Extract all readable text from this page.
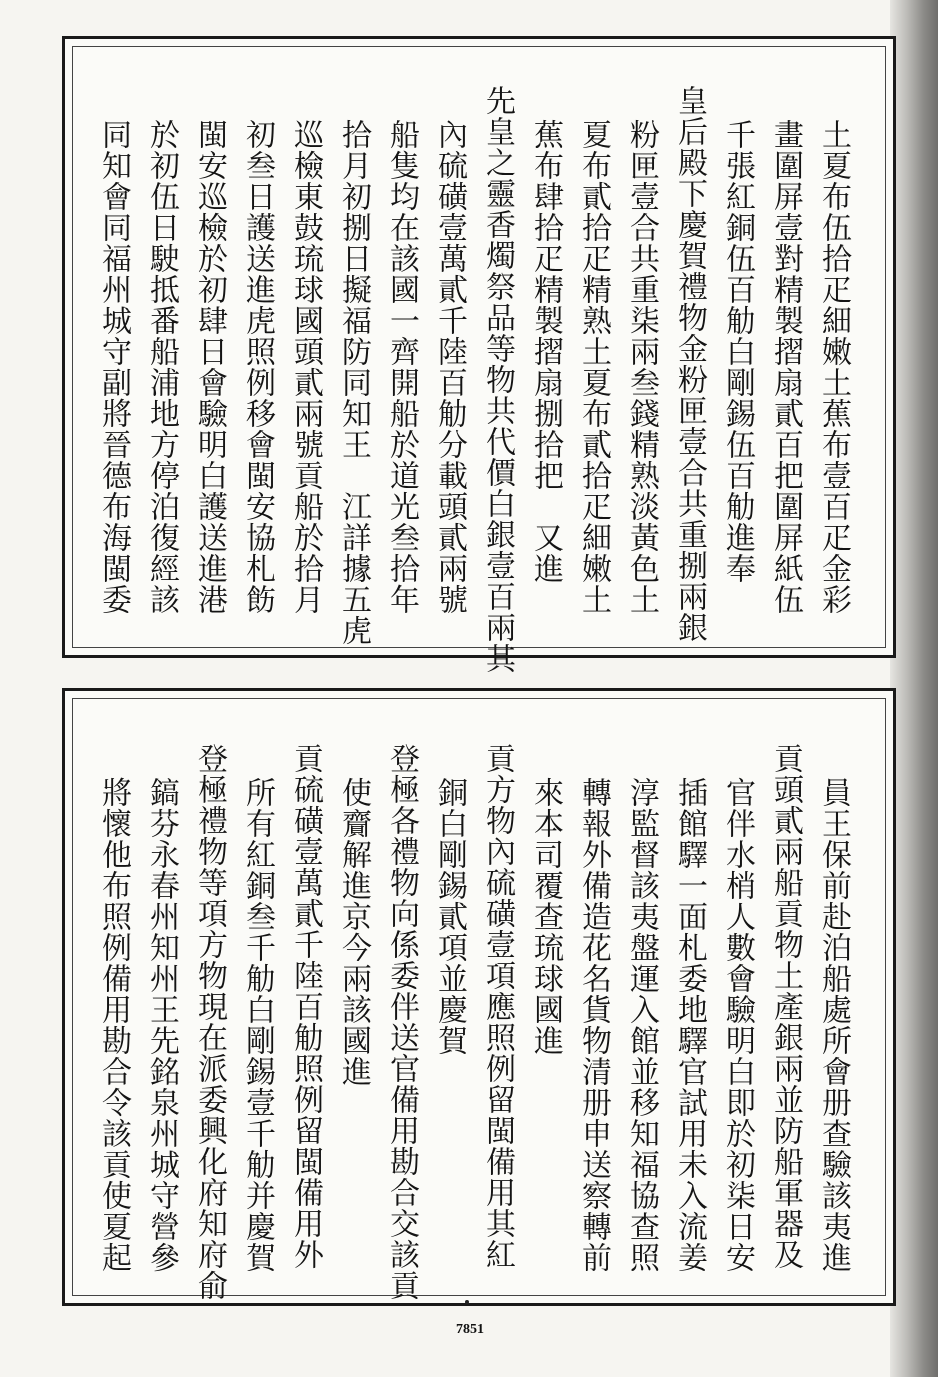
土夏布伍拾疋細嫩土蕉布壹百疋金彩
畫圍屏壹對精製摺扇貳百把圍屏紙伍
千張紅銅伍百觔白剛錫伍百觔進奉
皇后殿下慶賀禮物金粉匣壹合共重捌兩銀
粉匣壹合共重柒兩叁錢精熟淡黃色土
夏布貳拾疋精熟土夏布貳拾疋細嫩土
蕉布肆拾疋精製摺扇捌拾把　又進
先皇之靈香燭祭品等物共代價白銀壹百兩其
內硫磺壹萬貳千陸百觔分載頭貳兩號
船隻均在該國一齊開船於道光叁拾年
拾月初捌日擬福防同知王　江詳據五虎
巡檢東鼓琉球國頭貳兩號貢船於拾月
初叁日護送進虎照例移會閩安協札飭
閩安巡檢於初肆日會驗明白護送進港
於初伍日駛抵番船浦地方停泊復經該
同知會同福州城守副將晉德布海閩委
員王保前赴泊船處所會册查驗該夷進
貢頭貳兩船貢物土產銀兩並防船軍器及
官伴水梢人數會驗明白即於初柒日安
插館驛一面札委地驛官試用未入流姜
淳監督該夷盤運入館並移知福協查照
轉報外備造花名貨物清册申送察轉前
來本司覆查琉球國進
貢方物內硫磺壹項應照例留閩備用其紅
銅白剛錫貳項並慶賀
登極各禮物向係委伴送官備用勘合交該貢
使齎解進京今兩該國進
貢硫磺壹萬貳千陸百觔照例留閩備用外
所有紅銅叁千觔白剛錫壹千觔并慶賀
登極禮物等項方物現在派委興化府知府俞
鎬芬永春州知州王先銘泉州城守營參
將懷他布照例備用勘合令該貢使夏起
7851
